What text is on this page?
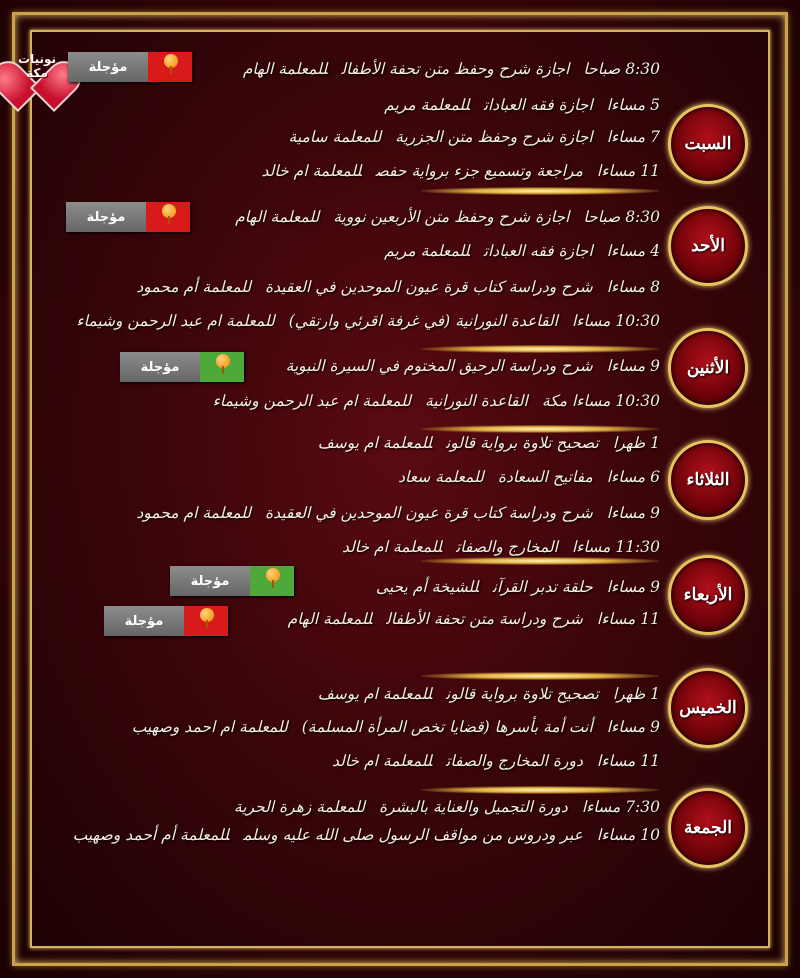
نونيات مكة
السبت
الأحد
الأثنين
الثلاثاء
الأربعاء
الخميس
الجمعة
8:30 صباحااجازة شرح وحفظ متن تحفة الأطفالللمعلمة الهام
5 مساءااجازة فقه العباداتللمعلمة مريم
7 مساءااجازة شرح وحفظ متن الجزريةللمعلمة سامية
11 مساءامراجعة وتسميع جزء برواية حفصللمعلمة ام خالد
8:30 صباحااجازة شرح وحفظ متن الأربعين نوويةللمعلمة الهام
4 مساءااجازة فقه العباداتللمعلمة مريم
8 مساءاشرح ودراسة كتاب قرة عيون الموحدين في العقيدةللمعلمة أم محمود
10:30 مساءاالقاعدة النورانية (في غرفة اقرئي وارتقي)للمعلمة ام عبد الرحمن وشيماء
9 مساءاشرح ودراسة الرحيق المختوم في السيرة النبوية
10:30 مساءا مكةالقاعدة النورانيةللمعلمة ام عبد الرحمن وشيماء
1 ظهراتصحيح تلاوة برواية قالونللمعلمة ام يوسف
6 مساءامفاتيح السعادةللمعلمة سعاد
9 مساءاشرح ودراسة كتاب قرة عيون الموحدين في العقيدةللمعلمة ام محمود
11:30 مساءاالمخارج والصفاتللمعلمة ام خالد
9 مساءاحلقة تدبر القرآنللشيخة أم يحيى
11 مساءاشرح ودراسة متن تحفة الأطفالللمعلمة الهام
1 ظهراتصحيح تلاوة برواية قالونللمعلمة ام يوسف
9 مساءاأنت أمة بأسرها (قضايا تخص المرأة المسلمة)للمعلمة ام احمد وصهيب
11 مساءادورة المخارج والصفاتللمعلمة ام خالد
7:30 مساءادورة التجميل والعناية بالبشرةللمعلمة زهرة الحرية
10 مساءاعبر ودروس من مواقف الرسول صلى الله عليه وسلمللمعلمة أم أحمد وصهيب
مؤجلة
مؤجلة
مؤجلة
مؤجلة
مؤجلة
